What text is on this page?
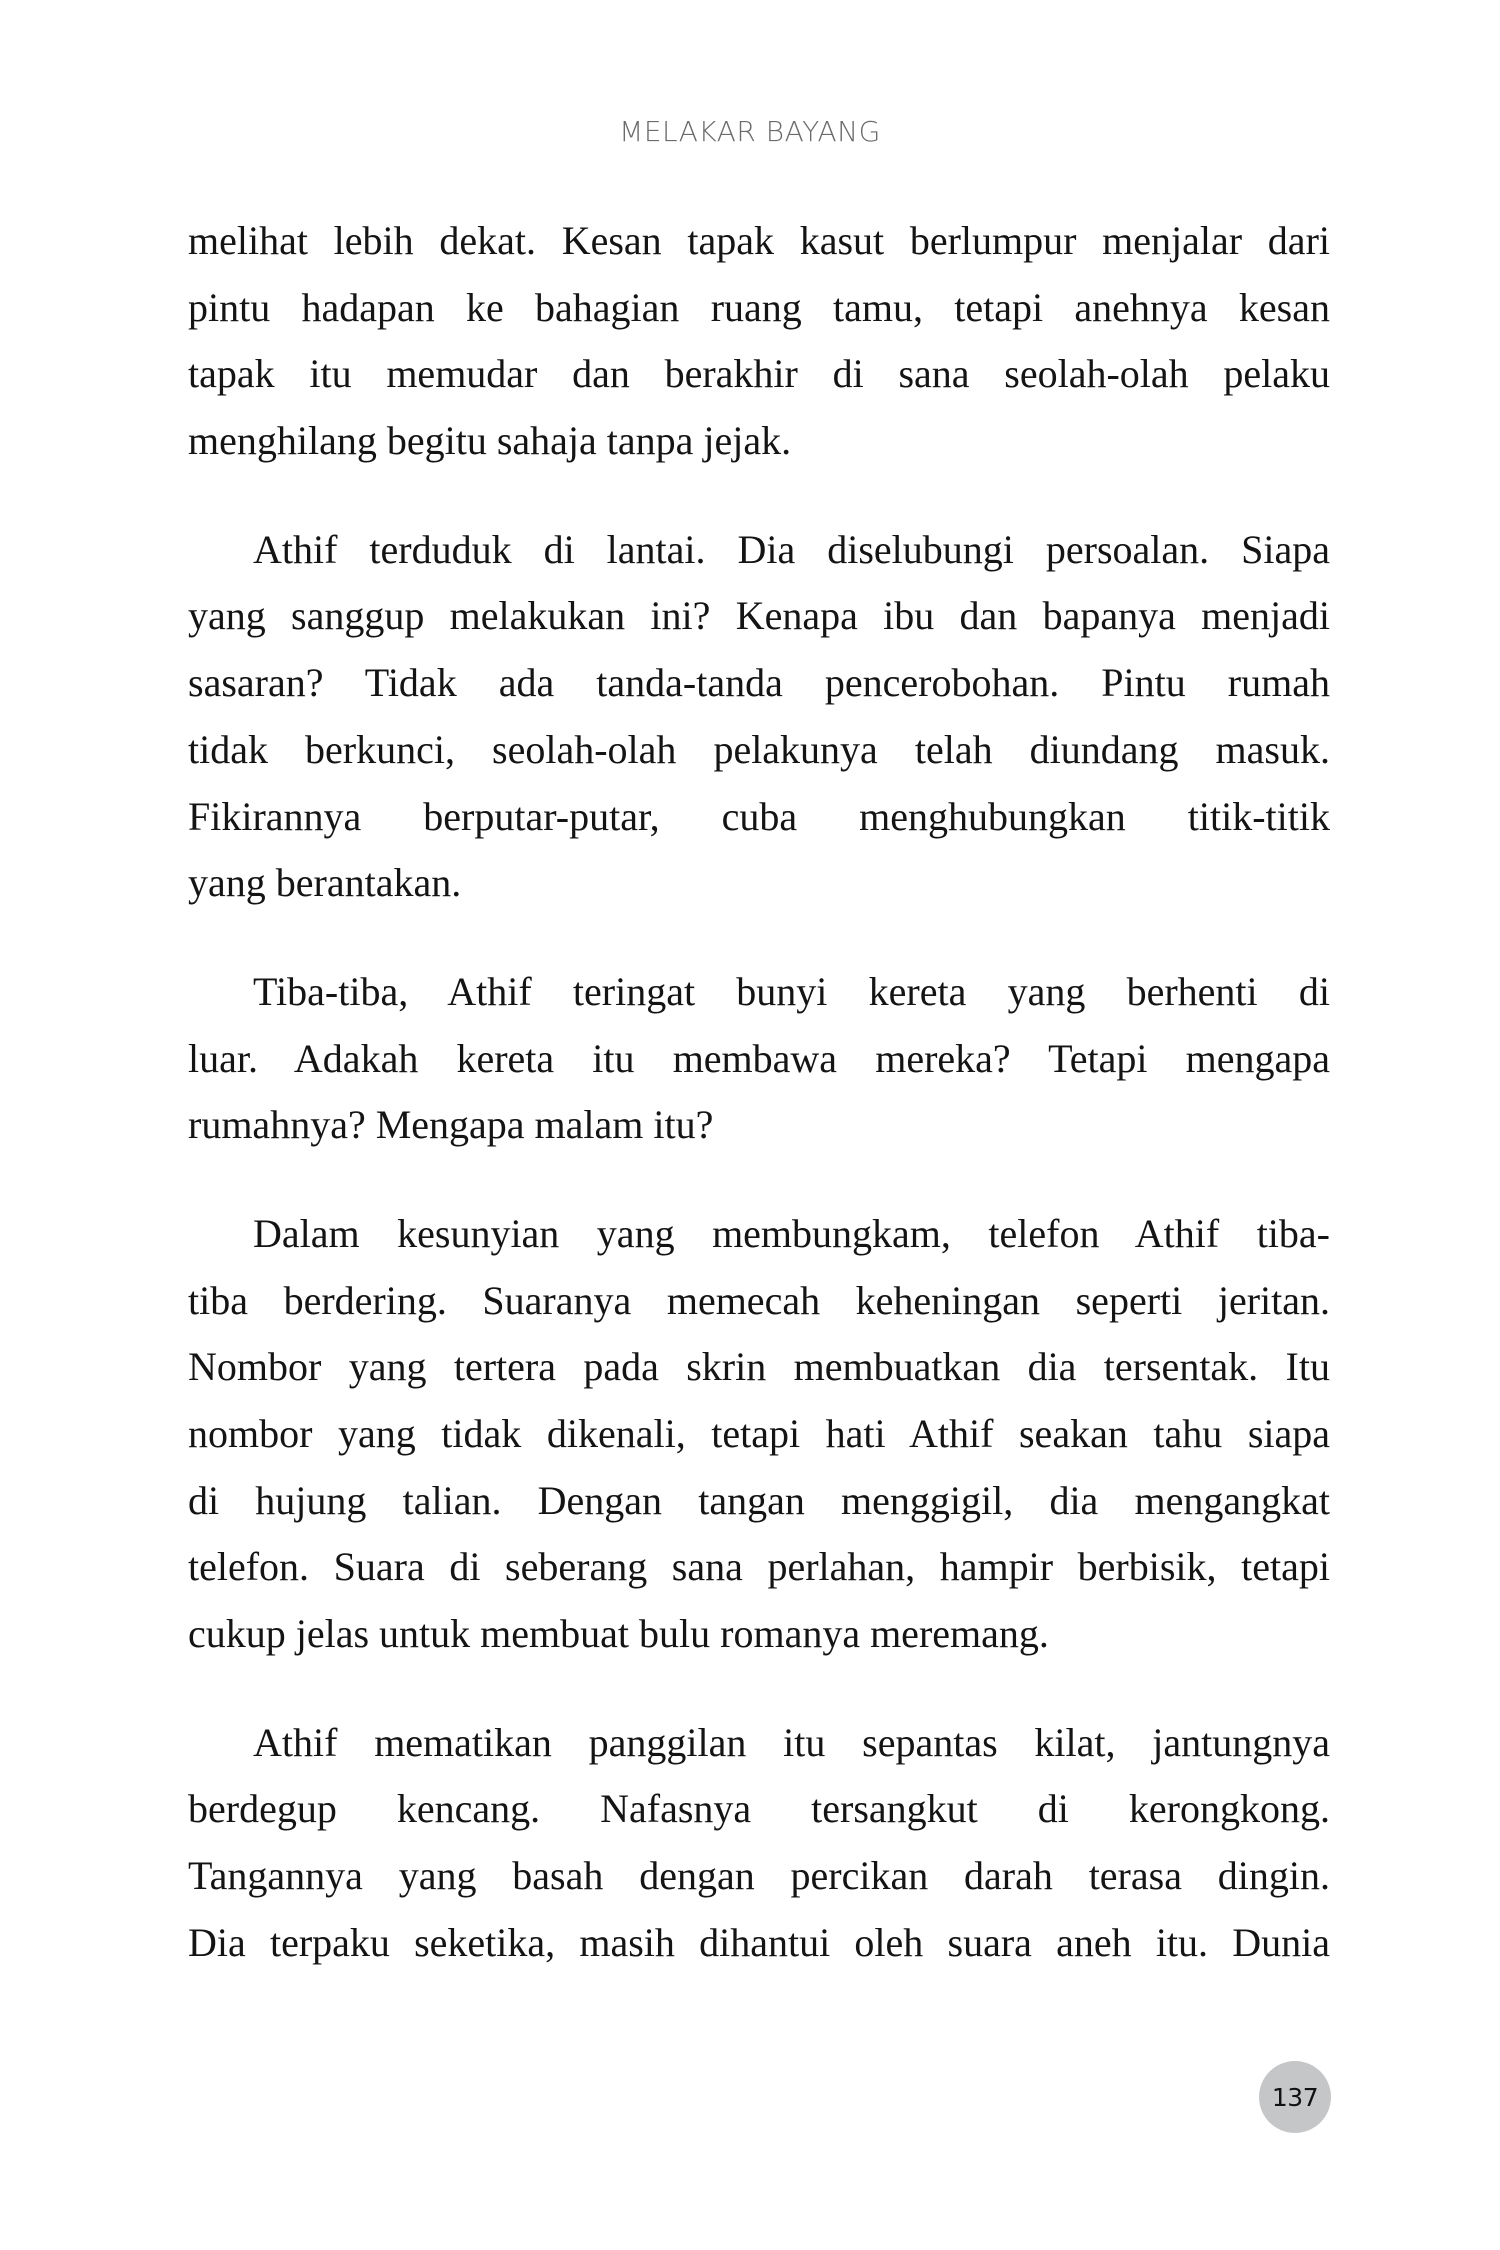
MELAKAR BAYANG

melihat lebih dekat. Kesan tapak kasut berlumpur menjalar dari
pintu hadapan ke bahagian ruang tamu, tetapi anehnya kesan
tapak itu memudar dan berakhir di sana seolah-olah pelaku
menghilang begitu sahaja tanpa jejak.

Athif terduduk di lantai. Dia diselubungi persoalan. Siapa
yang sanggup melakukan ini? Kenapa ibu dan bapanya menjadi
sasaran? Tidak ada tanda-tanda pencerobohan. Pintu rumah
tidak berkunci, seolah-olah pelakunya telah diundang masuk.
Fikirannya berputar-putar, cuba menghubungkan titik-titik
yang berantakan.

Tiba-tiba, Athif teringat bunyi kereta yang berhenti di
luar. Adakah kereta itu membawa mereka? Tetapi mengapa
rumahnya? Mengapa malam itu?

Dalam kesunyian yang membungkam, telefon Athif tiba-
tiba berdering. Suaranya memecah keheningan seperti jeritan.
Nombor yang tertera pada skrin membuatkan dia tersentak. Itu
nombor yang tidak dikenali, tetapi hati Athif seakan tahu siapa
di hujung talian. Dengan tangan menggigil, dia mengangkat
telefon. Suara di seberang sana perlahan, hampir berbisik, tetapi
cukup jelas untuk membuat bulu romanya meremang.

Athif mematikan panggilan itu sepantas kilat, jantungnya
berdegup kencang. Nafasnya tersangkut di kerongkong.
Tangannya yang basah dengan percikan darah terasa dingin.
Dia terpaku seketika, masih dihantui oleh suara aneh itu. Dunia

137
